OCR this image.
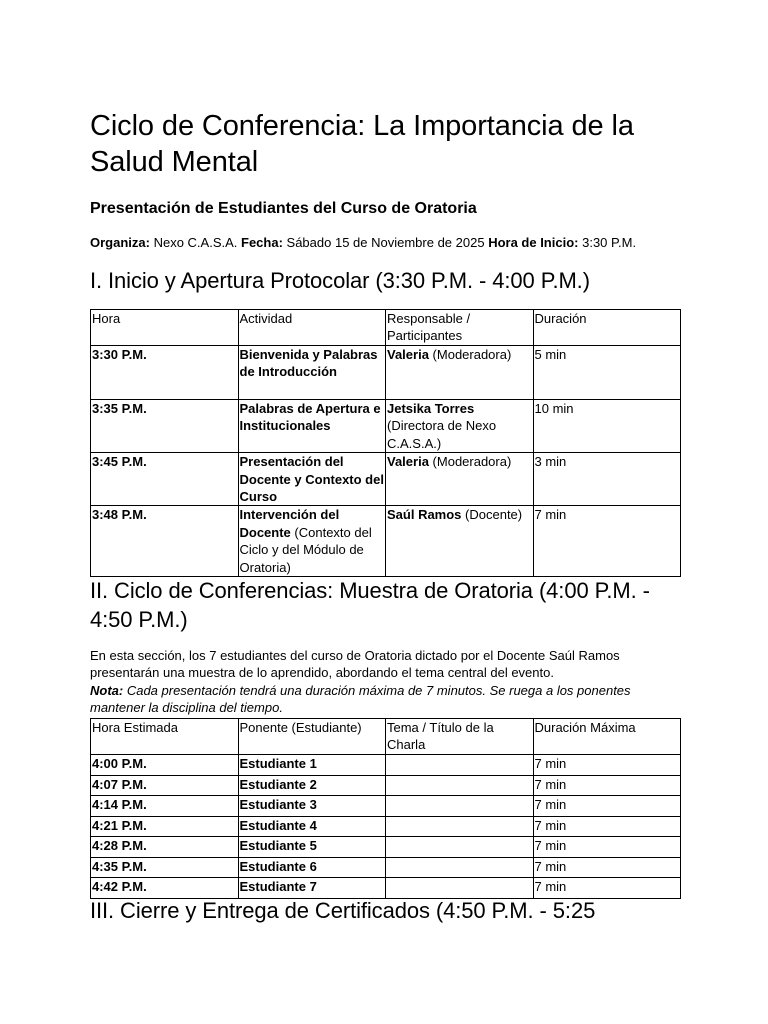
Ciclo de Conferencia: La Importancia de la Salud Mental

Presentación de Estudiantes del Curso de Oratoria

Organiza: Nexo C.A.S.A. Fecha: Sábado 15 de Noviembre de 2025 Hora de Inicio: 3:30 P.M.

I. Inicio y Apertura Protocolar (3:30 P.M. - 4:00 P.M.)
Hora	Actividad	Responsable / Participantes	Duración
3:30 P.M.	Bienvenida y Palabras de Introducción	Valeria (Moderadora)	5 min
3:35 P.M.	Palabras de Apertura e Institucionales	Jetsika Torres (Directora de Nexo C.A.S.A.)	10 min
3:45 P.M.	Presentación del Docente y Contexto del Curso	Valeria (Moderadora)	3 min
3:48 P.M.	Intervención del Docente (Contexto del Ciclo y del Módulo de Oratoria)	Saúl Ramos (Docente)	7 min
II. Ciclo de Conferencias: Muestra de Oratoria (4:00 P.M. - 4:50 P.M.)
En esta sección, los 7 estudiantes del curso de Oratoria dictado por el Docente Saúl Ramos presentarán una muestra de lo aprendido, abordando el tema central del evento.
Nota: Cada presentación tendrá una duración máxima de 7 minutos. Se ruega a los ponentes mantener la disciplina del tiempo.
Hora Estimada	Ponente (Estudiante)	Tema / Título de la Charla	Duración Máxima
4:00 P.M.	Estudiante 1		7 min
4:07 P.M.	Estudiante 2		7 min
4:14 P.M.	Estudiante 3		7 min
4:21 P.M.	Estudiante 4		7 min
4:28 P.M.	Estudiante 5		7 min
4:35 P.M.	Estudiante 6		7 min
4:42 P.M.	Estudiante 7		7 min
III. Cierre y Entrega de Certificados (4:50 P.M. - 5:25
